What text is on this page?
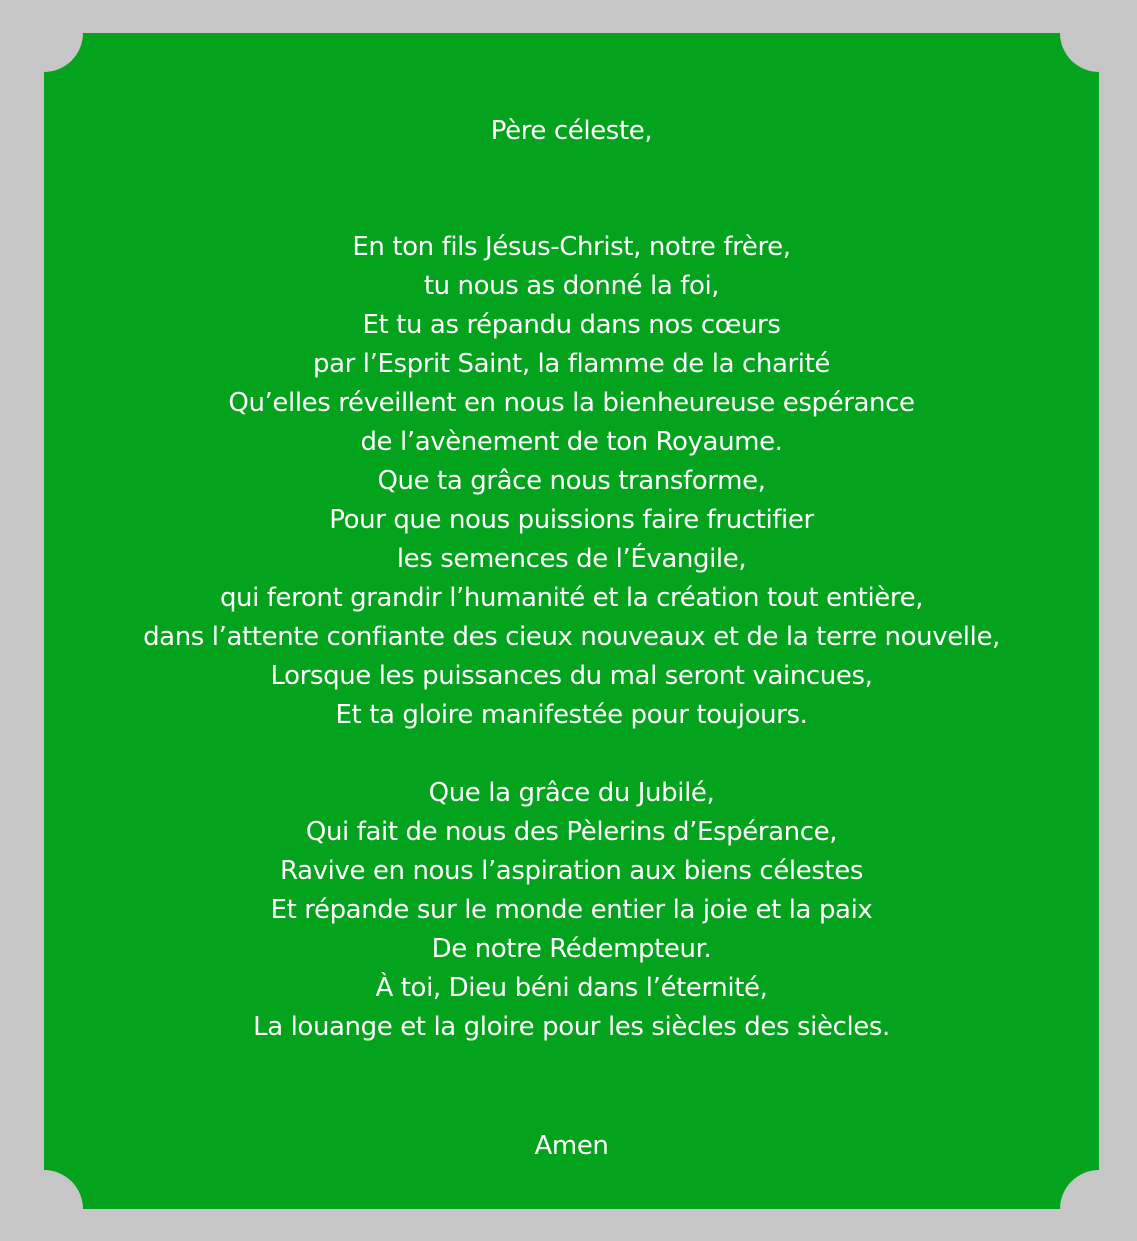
Père céleste,
En ton fils Jésus-Christ, notre frère,
tu nous as donné la foi,
Et tu as répandu dans nos cœurs
par l’Esprit Saint, la flamme de la charité
Qu’elles réveillent en nous la bienheureuse espérance
de l’avènement de ton Royaume.
Que ta grâce nous transforme,
Pour que nous puissions faire fructifier
les semences de l’Évangile,
qui feront grandir l’humanité et la création tout entière,
dans l’attente confiante des cieux nouveaux et de la terre nouvelle,
Lorsque les puissances du mal seront vaincues,
Et ta gloire manifestée pour toujours.
Que la grâce du Jubilé,
Qui fait de nous des Pèlerins d’Espérance,
Ravive en nous l’aspiration aux biens célestes
Et répande sur le monde entier la joie et la paix
De notre Rédempteur.
À toi, Dieu béni dans l’éternité,
La louange et la gloire pour les siècles des siècles.
Amen
